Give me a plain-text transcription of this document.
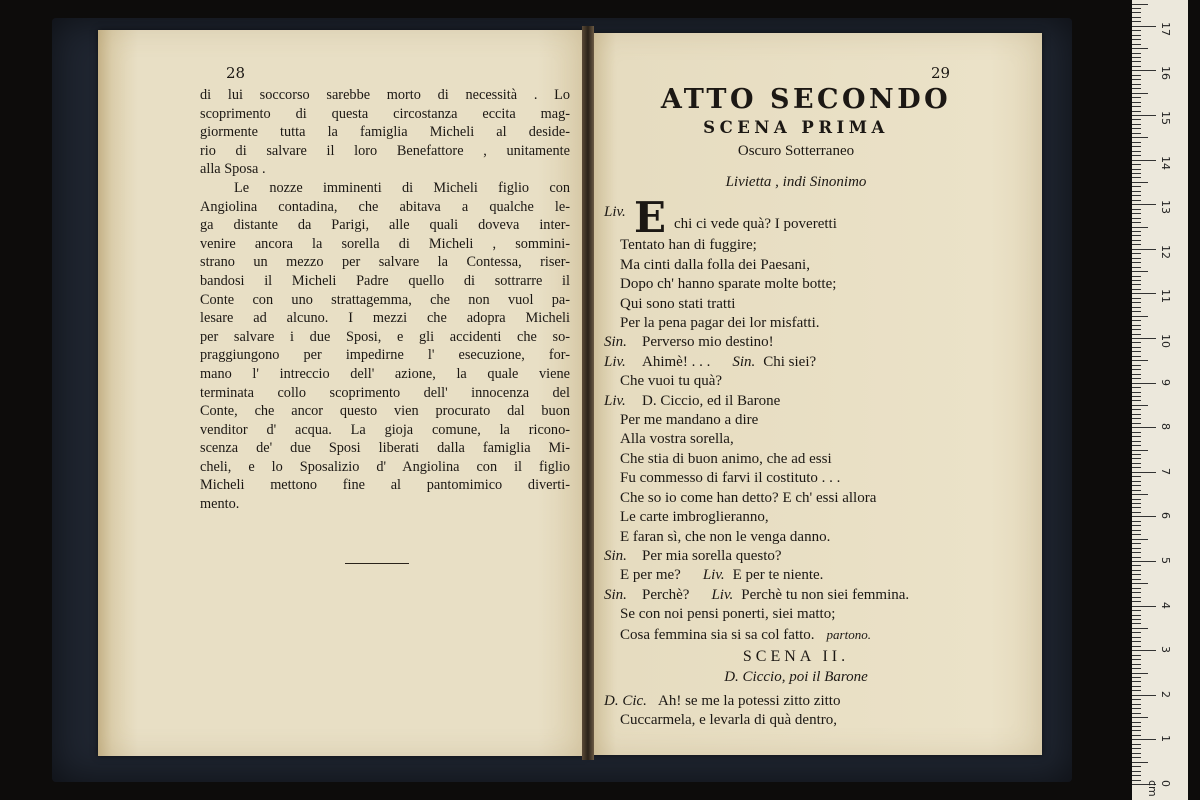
28	29
di lui soccorso sarebbe morto di necessità . Lo
scoprimento di questa circostanza eccita mag-
giormente tutta la famiglia Micheli al deside-
rio di salvare il loro Benefattore , unitamente
alla Sposa .
Le nozze imminenti di Micheli figlio con
Angiolina contadina, che abitava a qualche le-
ga distante da Parigi, alle quali doveva inter-
venire ancora la sorella di Micheli , sommini-
strano un mezzo per salvare la Contessa, riser-
bandosi il Micheli Padre quello di sottrarre il
Conte con uno strattagemma, che non vuol pa-
lesare ad alcuno. I mezzi che adopra Micheli
per salvare i due Sposi, e gli accidenti che so-
praggiungono per impedirne l' esecuzione, for-
mano l' intreccio dell' azione, la quale viene
terminata collo scoprimento dell' innocenza del
Conte, che ancor questo vien procurato dal buon
venditor d' acqua. La gioja comune, la ricono-
scenza de' due Sposi liberati dalla famiglia Mi-
cheli, e lo Sposalizio d' Angiolina con il figlio
Micheli mettono fine al pantomimico diverti-
mento.
ATTO SECONDO
SCENA PRIMA
Oscuro Sotterraneo
Livietta , indi Sinonimo
Liv. Echi ci vede quà? I poveretti
Tentato han di fuggire;
Ma cinti dalla folla dei Paesani,
Dopo ch' hanno sparate molte botte;
Qui sono stati tratti
Per la pena pagar dei lor misfatti.
Sin.	Perverso mio destino!
Liv.	Ahimè! . . . Sin. Chi siei?
Che vuoi tu quà?
Liv.	D. Ciccio, ed il Barone
Per me mandano a dire
Alla vostra sorella,
Che stia di buon animo, che ad essi
Fu commesso di farvi il costituto . . .
Che so io come han detto? E ch' essi allora
Le carte imbroglieranno,
E faran sì, che non le venga danno.
Sin.	Per mia sorella questo?
E per me? Liv. E per te niente.
Sin.	Perchè? Liv. Perchè tu non siei femmina.
Se con noi pensi ponerti, siei matto;
Cosa femmina sia si sa col fatto. partono.
SCENA II.
D. Ciccio, poi il Barone
D. Cic. Ah! se me la potessi zitto zitto
Cuccarmela, e levarla di quà dentro,
0 cm
1
2
3
4
5
6
7
8
9
10
11
12
13
14
15
16
17
